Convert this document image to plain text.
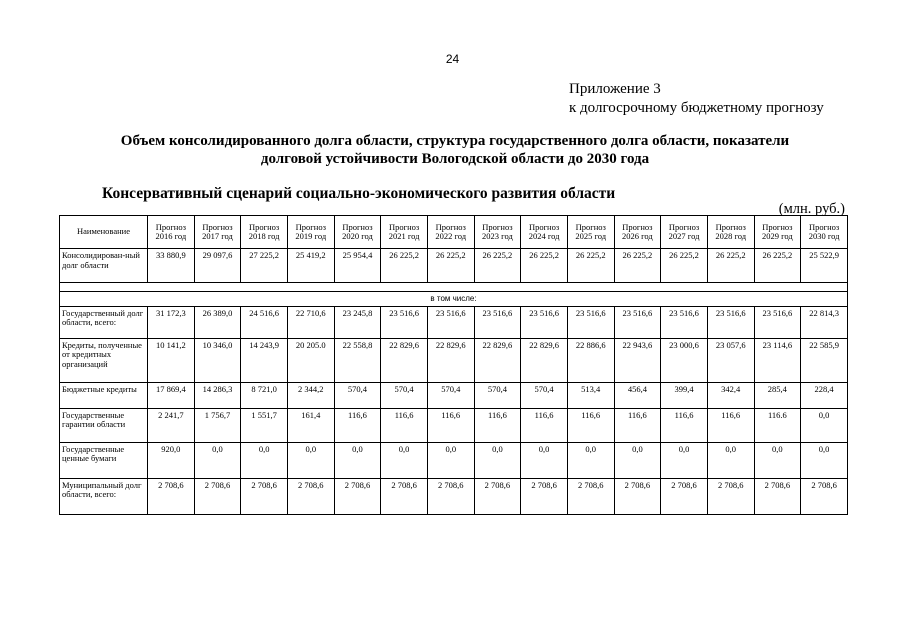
24
Приложение 3
к долгосрочному бюджетному прогнозу
Объем консолидированного долга области, структура государственного долга области, показатели
долговой устойчивости Вологодской области до 2030 года
Консервативный сценарий социально-экономического развития области
(млн. руб.)
Наименование	Прогноз 2016 год	Прогноз 2017 год	Прогноз 2018 год	Прогноз 2019 год	Прогноз 2020 год	Прогноз 2021 год	Прогноз 2022 год	Прогноз 2023 год	Прогноз 2024 год	Прогноз 2025 год	Прогноз 2026 год	Прогноз 2027 год	Прогноз 2028 год	Прогноз 2029 год	Прогноз 2030 год
Консолидирован-ный долг области	33 880,9	29 097,6	27 225,2	25 419,2	25 954,4	26 225,2	26 225,2	26 225,2	26 225,2	26 225,2	26 225,2	26 225,2	26 225,2	26 225,2	25 522,9

в том числе:															
Государственный долг области, всего:	31 172,3	26 389,0	24 516,6	22 710,6	23 245,8	23 516,6	23 516,6	23 516,6	23 516,6	23 516,6	23 516,6	23 516,6	23 516,6	23 516,6	22 814,3
Кредиты, полученные от кредитных организаций	10 141,2	10 346,0	14 243,9	20 205.0	22 558,8	22 829,6	22 829,6	22 829,6	22 829,6	22 886,6	22 943,6	23 000,6	23 057,6	23 114,6	22 585,9
Бюджетные кредиты	17 869,4	14 286,3	8 721,0	2 344,2	570,4	570,4	570,4	570,4	570,4	513,4	456,4	399,4	342,4	285,4	228,4
Государственные гарантии области	2 241,7	1 756,7	1 551,7	161,4	116,6	116,6	116,6	116,6	116,6	116,6	116,6	116,6	116,6	116.6	0,0
Государственные ценные бумаги	920,0	0,0	0,0	0,0	0,0	0,0	0,0	0,0	0,0	0,0	0,0	0,0	0,0	0,0	0,0
Муниципальный долг области, всего:	2 708,6	2 708,6	2 708,6	2 708,6	2 708,6	2 708,6	2 708,6	2 708,6	2 708,6	2 708,6	2 708,6	2 708,6	2 708,6	2 708,6	2 708,6
